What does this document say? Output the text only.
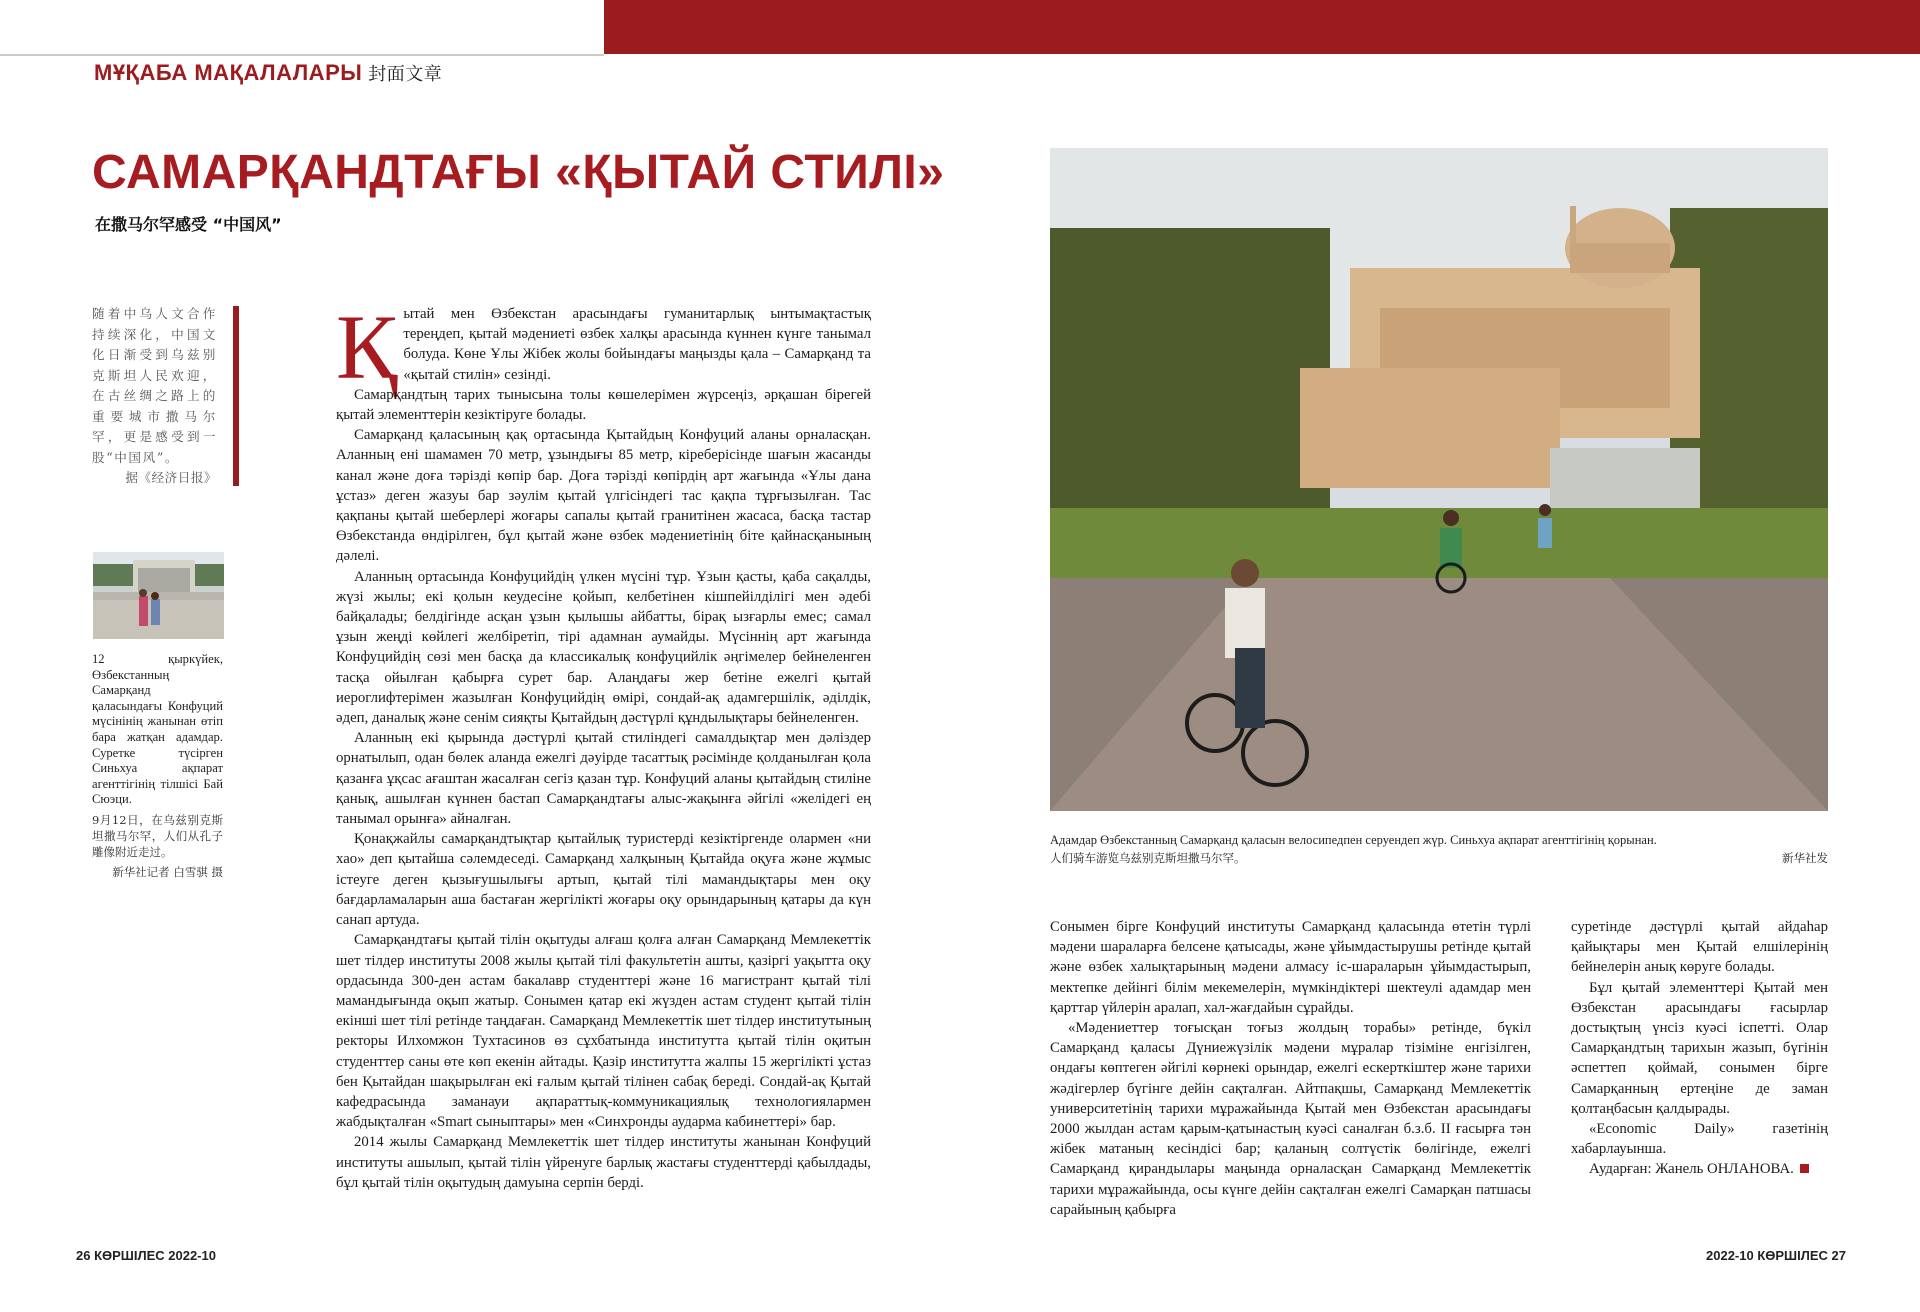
МҰҚАБА МАҚАЛАЛАРЫ 封面文章
САМАРҚАНДТАҒЫ «ҚЫТАЙ СТИЛІ»
在撒马尔罕感受 “中国风”
随着中乌人文合作持续深化，中国文化日渐受到乌兹别克斯坦人民欢迎，在古丝绸之路上的重要城市撒马尔罕，更是感受到一股“中国风”。
据《经济日报》
12 қыркүйек, Өзбекстанның Самарқанд қаласындағы Конфуций мүсінінің жанынан өтіп бара жатқан адамдар. Суретке түсірген Синьхуа ақпарат агенттігінің тілшісі Бай Сюэци.
9月12日，在乌兹别克斯坦撒马尔罕，人们从孔子雕像附近走过。
新华社记者 白雪骐 摄

Қытай мен Өзбекстан арасындағы гуманитарлық ынтымақтастық тереңдеп, қытай мәдениеті өзбек халқы арасында күннен күнге танымал болуда. Көне Ұлы Жібек жолы бойындағы маңызды қала – Самарқанд та «қытай стилін» сезінді.

Самарқандтың тарих тынысына толы көшелерімен жүрсеңіз, әрқашан бірегей қытай элементтерін кезіктіруге болады.

Самарқанд қаласының қақ ортасында Қытайдың Конфуций аланы орналасқан. Аланның ені шамамен 70 метр, ұзындығы 85 метр, кіреберісінде шағын жасанды канал және доға тәрізді көпір бар. Доға тәрізді көпірдің арт жағында «Ұлы дана ұстаз» деген жазуы бар зәулім қытай үлгісіндегі тас қақпа тұрғызылған. Тас қақпаны қытай шеберлері жоғары сапалы қытай гранитінен жасаса, басқа тастар Өзбекстанда өндірілген, бұл қытай және өзбек мәдениетінің біте қайнасқанының дәлелі.

Аланның ортасында Конфуцийдің үлкен мүсіні тұр. Ұзын қасты, қаба сақалды, жүзі жылы; екі қолын кеудесіне қойып, келбетінен кішпейілділігі мен әдебі байқалады; белдігінде асқан ұзын қылышы айбатты, бірақ ызғарлы емес; самал ұзын жеңді көйлегі желбіретіп, тірі адамнан аумайды. Мүсіннің арт жағында Конфуцийдің сөзі мен басқа да классикалық конфуцийлік әңгімелер бейнеленген тасқа ойылған қабырға сурет бар. Алаңдағы жер бетіне ежелгі қытай иероглифтерімен жазылған Конфуцийдің өмірі, сондай-ақ адамгершілік, әділдік, әдеп, даналық және сенім сияқты Қытайдың дәстүрлі құндылықтары бейнеленген.

Аланның екі қырында дәстүрлі қытай стиліндегі самалдықтар мен дәліздер орнатылып, одан бөлек аланда ежелгі дәуірде тасаттық рәсімінде қолданылған қола қазанға ұқсас ағаштан жасалған сегіз қазан тұр. Конфуций аланы қытайдың стиліне қанық, ашылған күннен бастап Самарқандтағы алыс-жақынға әйгілі «желідегі ең танымал орынға» айналған.

Қонақжайлы самарқандтықтар қытайлық туристерді кезіктіргенде олармен «ни хао» деп қытайша сәлемдеседі. Самарқанд халқының Қытайда оқуға және жұмыс істеуге деген қызығушылығы артып, қытай тілі мамандықтары мен оқу бағдарламаларын аша бастаған жергілікті жоғары оқу орындарының қатары да күн санап артуда.

Самарқандтағы қытай тілін оқытуды алғаш қолға алған Самарқанд Мемлекеттік шет тілдер институты 2008 жылы қытай тілі факультетін ашты, қазіргі уақытта оқу ордасында 300-ден астам бакалавр студенттері және 16 магистрант қытай тілі мамандығында оқып жатыр. Сонымен қатар екі жүзден астам студент қытай тілін екінші шет тілі ретінде таңдаған. Самарқанд Мемлекеттік шет тілдер институтының ректоры Илхомжон Тухтасинов өз сұхбатында институтта қытай тілін оқитын студенттер саны өте көп екенін айтады. Қазір институтта жалпы 15 жергілікті ұстаз бен Қытайдан шақырылған екі ғалым қытай тілінен сабақ береді. Сондай-ақ Қытай кафедрасында заманауи ақпараттық-коммуникациялық технологиялармен жабдықталған «Smart сыныптары» мен «Синхронды аударма кабинеттері» бар.

2014 жылы Самарқанд Мемлекеттік шет тілдер институты жанынан Конфуций институты ашылып, қытай тілін үйренуге барлық жастағы студенттерді қабылдады, бұл қытай тілін оқытудың дамуына серпін берді.

Адамдар Өзбекстанның Самарқанд қаласын велосипедпен серуендеп жүр. Синьхуа ақпарат агенттігінің қорынан.
人们骑车游览乌兹别克斯坦撒马尔罕。	新华社发

Сонымен бірге Конфуций институты Самарқанд қаласында өтетін түрлі мәдени шараларға белсене қатысады, және ұйымдастырушы ретінде қытай және өзбек халықтарының мәдени алмасу іс-шараларын ұйымдастырып, мектепке дейінгі білім мекемелерін, мүмкіндіктері шектеулі адамдар мен қарттар үйлерін аралап, хал-жағдайын сұрайды.

«Мәдениеттер тоғысқан тоғыз жолдың торабы» ретінде, бүкіл Самарқанд қаласы Дүниежүзілік мәдени мұралар тізіміне енгізілген, ондағы көптеген әйгілі көрнекі орындар, ежелгі ескерткіштер және тарихи жәдігерлер бүгінге дейін сақталған. Айтпақшы, Самарқанд Мемлекеттік университетінің тарихи мұражайында Қытай мен Өзбекстан арасындағы 2000 жылдан астам қарым-қатынастың куәсі саналған б.з.б. II ғасырға тән жібек матаның кесіндісі бар; қаланың солтүстік бөлігінде, ежелгі Самарқанд қирандылары маңында орналасқан Самарқанд Мемлекеттік тарихи мұражайында, осы күнге дейін сақталған ежелгі Самарқан патшасы сарайының қабырға

суретінде дәстүрлі қытай айдаһар қайықтары мен Қытай елшілерінің бейнелерін анық көруге болады.

Бұл қытай элементтері Қытай мен Өзбекстан арасындағы ғасырлар достықтың үнсіз куәсі іспетті. Олар Самарқандтың тарихын жазып, бүгінін әспеттеп қоймай, сонымен бірге Самарқанның ертеңіне де заман қолтаңбасын қалдырады.

«Economic Daily» газетінің хабарлауынша.

Аударған: Жанель ОНЛАНОВА.

26 КӨРШІЛЕС 2022-10	2022-10 КӨРШІЛЕС 27
